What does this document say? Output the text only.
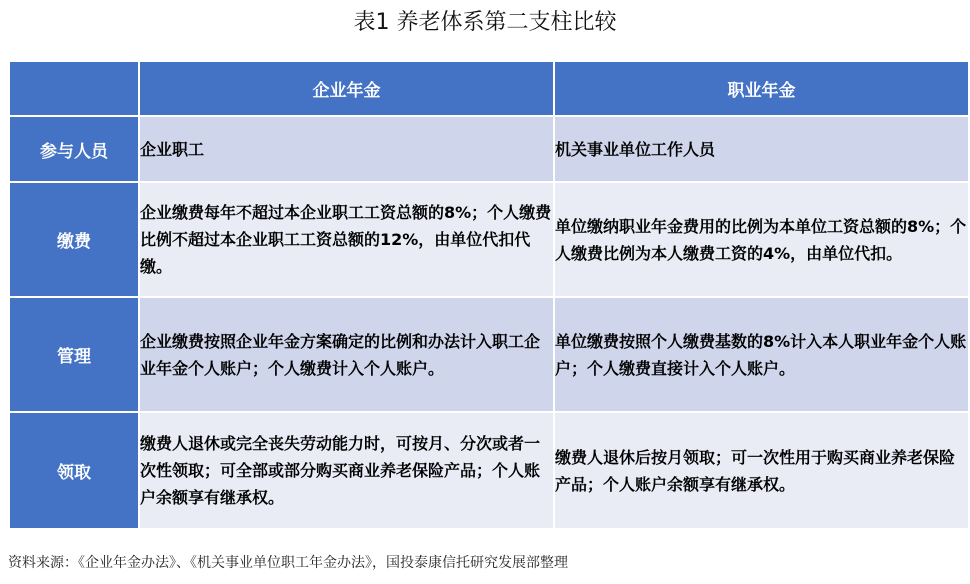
表1 养老体系第二支柱比较
	企业年金	职业年金
参与人员	企业职工	机关事业单位工作人员
缴费	企业缴费每年不超过本企业职工工资总额的8%；个人缴费比例不超过本企业职工工资总额的12%，由单位代扣代缴。	单位缴纳职业年金费用的比例为本单位工资总额的8%；个人缴费比例为本人缴费工资的4%，由单位代扣。
管理	企业缴费按照企业年金方案确定的比例和办法计入职工企业年金个人账户；个人缴费计入个人账户。	单位缴费按照个人缴费基数的8%计入本人职业年金个人账户；个人缴费直接计入个人账户。
领取	缴费人退休或完全丧失劳动能力时，可按月、分次或者一次性领取；可全部或部分购买商业养老保险产品；个人账户余额享有继承权。	缴费人退休后按月领取；可一次性用于购买商业养老保险产品；个人账户余额享有继承权。
资料来源：《企业年金办法》、《机关事业单位职工年金办法》，国投泰康信托研究发展部整理
